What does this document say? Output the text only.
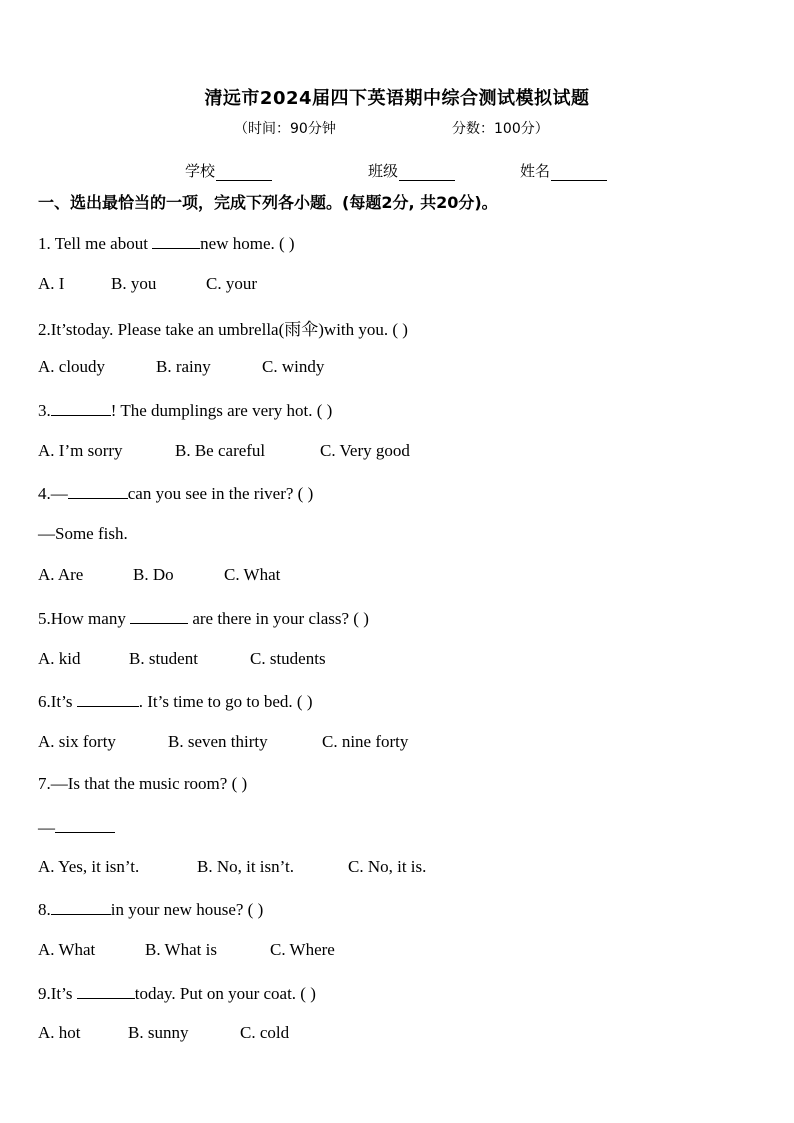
清远市2024届四下英语期中综合测试模拟试题
（时间：90分钟	分数：100分）
学校	班级	姓名
一、选出最恰当的一项，完成下列各小题。(每题2分, 共20分)。
1. Tell me about	new home. ( )
A. I	B. you	C. your
2.It’stoday. Please take an umbrella(雨伞)with you. ( )
A. cloudy	B. rainy	C. windy
3.	! The dumplings are very hot. ( )
A. I’m sorry	B. Be careful	C. Very good
4.—	can you see in the river? ( )
—Some fish.
A. Are	B. Do	C. What
5.How many	are there in your class? ( )
A. kid	B. student	C. students
6.It’s	. It’s time to go to bed. ( )
A. six forty	B. seven thirty	C. nine forty
7.—Is that the music room? ( )
—
A. Yes, it isn’t.	B. No, it isn’t.	C. No, it is.
8.	in your new house? ( )
A. What	B. What is	C. Where
9.It’s	today. Put on your coat. ( )
A. hot	B. sunny	C. cold
